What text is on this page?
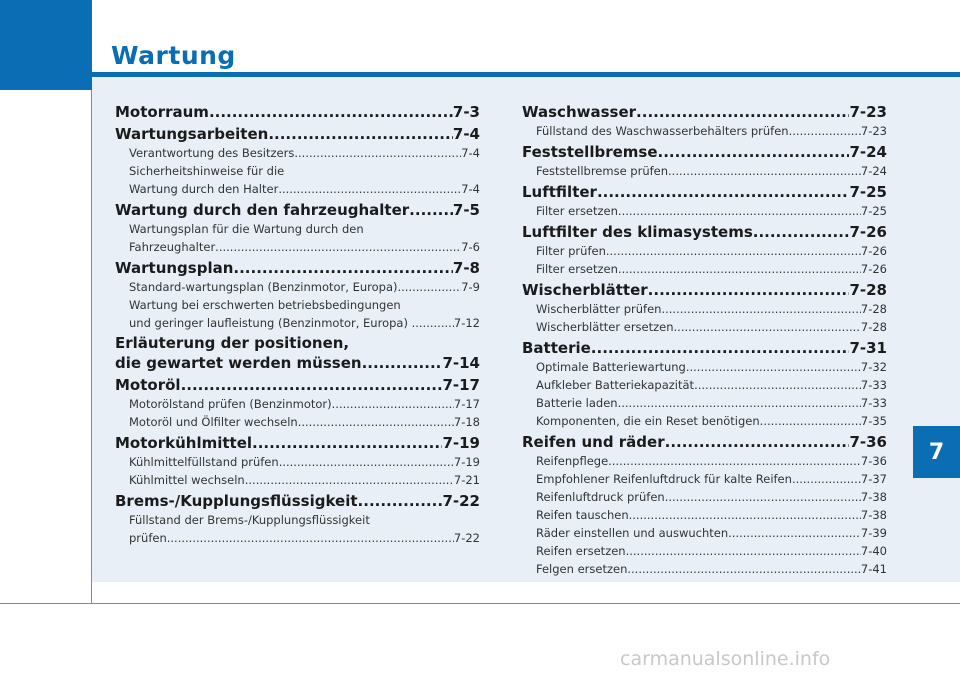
Wartung
Motorraum .....	7-3
Wartungsarbeiten .....	7-4
Verantwortung des Besitzers .....	7-4
Sicherheitshinweise für die
Wartung durch den Halter .....	7-4
Wartung durch den fahrzeughalter .....	7-5
Wartungsplan für die Wartung durch den
Fahrzeughalter .....	7-6
Wartungsplan .....	7-8
Standard-wartungsplan (Benzinmotor, Europa) .....	7-9
Wartung bei erschwerten betriebsbedingungen
und geringer laufleistung (Benzinmotor, Europa) .. .....	7-12
Erläuterung der positionen,
die gewartet werden müssen .....	7-14
Motoröl .....	7-17
Motorölstand prüfen (Benzinmotor) .....	7-17
Motoröl und Ölfilter wechseln .....	7-18
Motorkühlmittel .....	7-19
Kühlmittelfüllstand prüfen .....	7-19
Kühlmittel wechseln .....	7-21
Brems-/Kupplungsflüssigkeit .....	7-22
Füllstand der Brems-/Kupplungsflüssigkeit
prüfen .....	7-22
Waschwasser .....	7-23
Füllstand des Waschwasserbehälters prüfen .....	7-23
Feststellbremse .....	7-24
Feststellbremse prüfen .....	7-24
Luftfilter .....	7-25
Filter ersetzen .....	7-25
Luftfilter des klimasystems .....	7-26
Filter prüfen .....	7-26
Filter ersetzen .....	7-26
Wischerblätter .....	7-28
Wischerblätter prüfen .....	7-28
Wischerblätter ersetzen .....	7-28
Batterie .....	7-31
Optimale Batteriewartung .....	7-32
Aufkleber Batteriekapazität .....	7-33
Batterie laden .....	7-33
Komponenten, die ein Reset benötigen .....	7-35
Reifen und räder .....	7-36
Reifenpflege .....	7-36
Empfohlener Reifenluftdruck für kalte Reifen .....	7-37
Reifenluftdruck prüfen .....	7-38
Reifen tauschen .....	7-38
Räder einstellen und auswuchten .....	7-39
Reifen ersetzen .....	7-40
Felgen ersetzen .....	7-41
7
carmanualsonline.info
